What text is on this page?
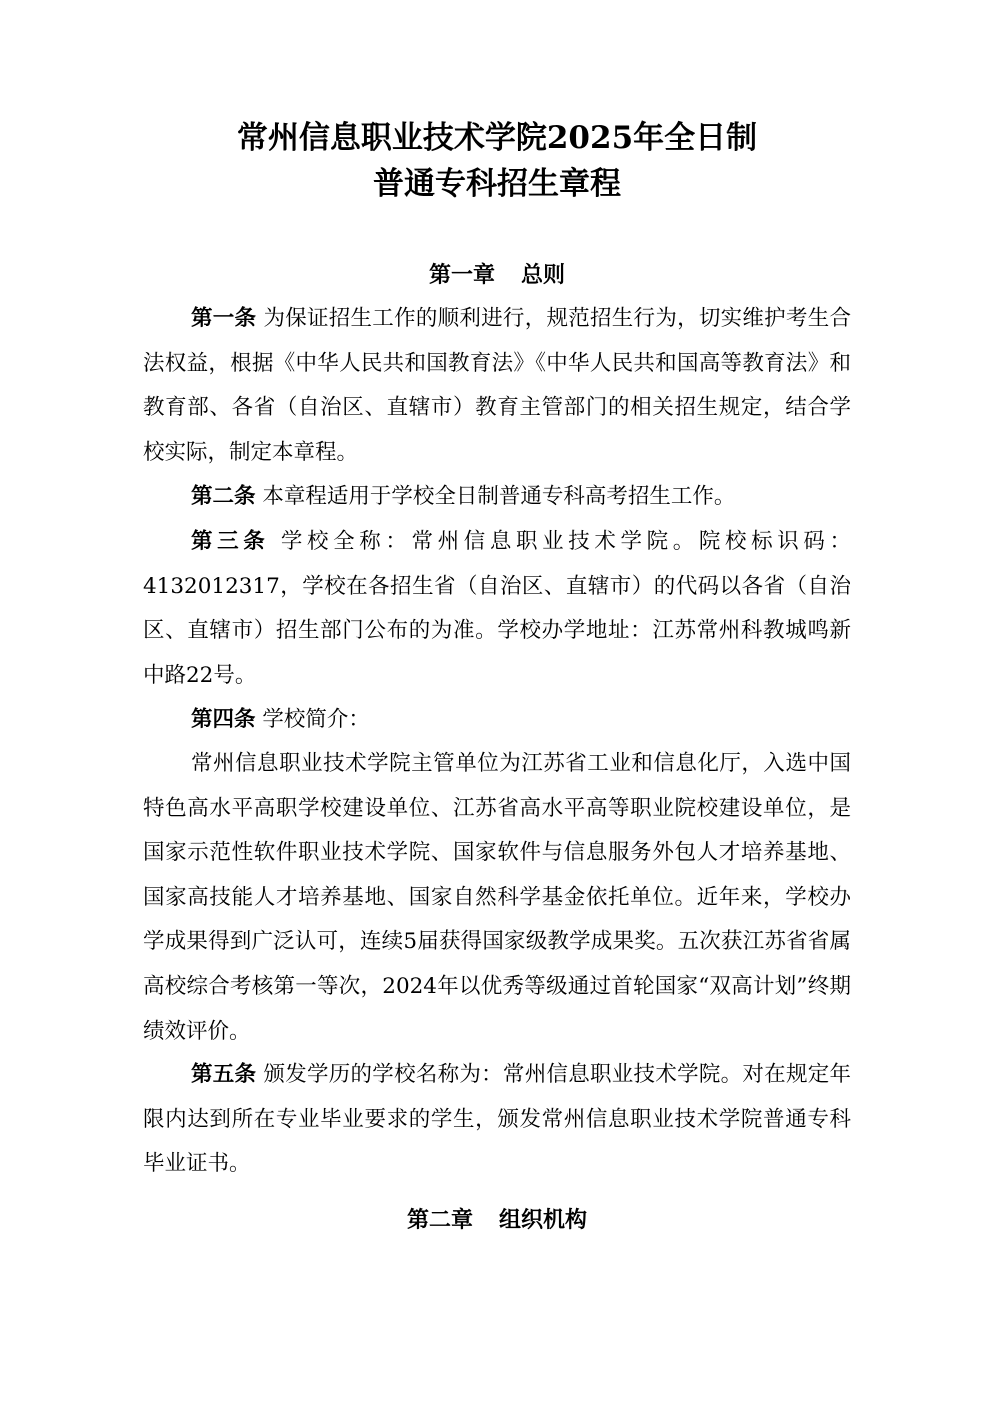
常州信息职业技术学院2025年全日制
普通专科招生章程
第一章 总则
第一条 为保证招生工作的顺利进行，规范招生行为，切实维护考生合法权益，根据《中华人民共和国教育法》《中华人民共和国高等教育法》和教育部、各省（自治区、直辖市）教育主管部门的相关招生规定，结合学校实际，制定本章程。
第二条 本章程适用于学校全日制普通专科高考招生工作。
第三条 学校全称：常州信息职业技术学院。院校标识码：4132012317，学校在各招生省（自治区、直辖市）的代码以各省（自治区、直辖市）招生部门公布的为准。学校办学地址：江苏常州科教城鸣新中路22号。
第四条 学校简介：
常州信息职业技术学院主管单位为江苏省工业和信息化厅，入选中国特色高水平高职学校建设单位、江苏省高水平高等职业院校建设单位，是国家示范性软件职业技术学院、国家软件与信息服务外包人才培养基地、国家高技能人才培养基地、国家自然科学基金依托单位。近年来，学校办学成果得到广泛认可，连续5届获得国家级教学成果奖。五次获江苏省省属高校综合考核第一等次，2024年以优秀等级通过首轮国家“双高计划”终期绩效评价。
第五条 颁发学历的学校名称为：常州信息职业技术学院。对在规定年限内达到所在专业毕业要求的学生，颁发常州信息职业技术学院普通专科毕业证书。
第二章 组织机构
